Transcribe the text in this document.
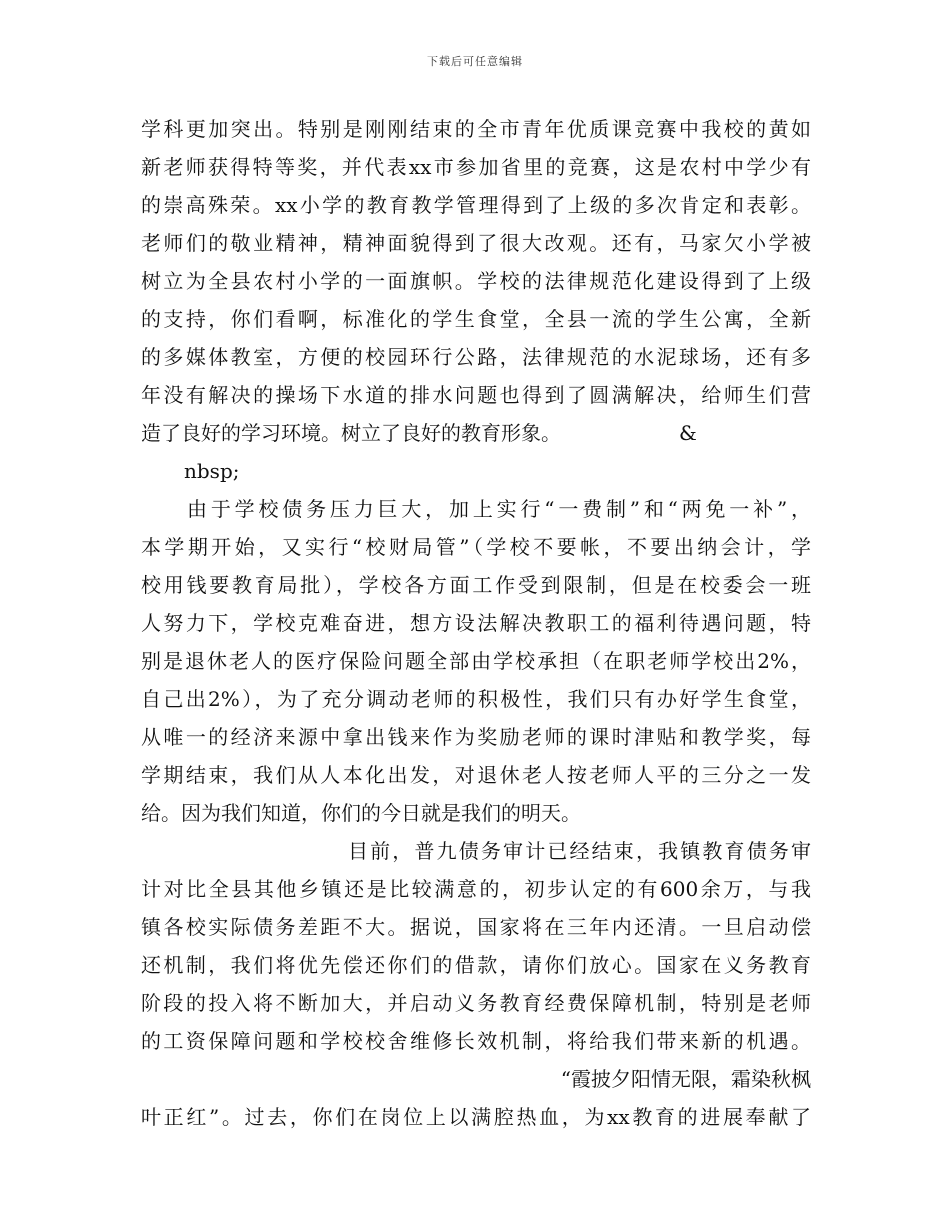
下载后可任意编辑
学科更加突出。特别是刚刚结束的全市青年优质课竞赛中我校的黄如
新老师获得特等奖，并代表xx市参加省里的竞赛，这是农村中学少有
的崇高殊荣。xx小学的教育教学管理得到了上级的多次肯定和表彰。
老师们的敬业精神，精神面貌得到了很大改观。还有，马家欠小学被
树立为全县农村小学的一面旗帜。学校的法律规范化建设得到了上级
的支持，你们看啊，标准化的学生食堂，全县一流的学生公寓，全新
的多媒体教室，方便的校园环行公路，法律规范的水泥球场，还有多
年没有解决的操场下水道的排水问题也得到了圆满解决，给师生们营
造了良好的学习环境。树立了良好的教育形象。	&
nbsp;
由于学校债务压力巨大，加上实行“一费制”和“两免一补”，
本学期开始，又实行“校财局管”（学校不要帐，不要出纳会计，学
校用钱要教育局批），学校各方面工作受到限制，但是在校委会一班
人努力下，学校克难奋进，想方设法解决教职工的福利待遇问题，特
别是退休老人的医疗保险问题全部由学校承担（在职老师学校出2%，
自己出2%），为了充分调动老师的积极性，我们只有办好学生食堂，
从唯一的经济来源中拿出钱来作为奖励老师的课时津贴和教学奖，每
学期结束，我们从人本化出发，对退休老人按老师人平的三分之一发
给。因为我们知道，你们的今日就是我们的明天。
目前，普九债务审计已经结束，我镇教育债务审
计对比全县其他乡镇还是比较满意的，初步认定的有600余万，与我
镇各校实际债务差距不大。据说，国家将在三年内还清。一旦启动偿
还机制，我们将优先偿还你们的借款，请你们放心。国家在义务教育
阶段的投入将不断加大，并启动义务教育经费保障机制，特别是老师
的工资保障问题和学校校舍维修长效机制，将给我们带来新的机遇。
“霞披夕阳情无限，霜染秋枫
叶正红”。过去，你们在岗位上以满腔热血，为xx教育的进展奉献了
